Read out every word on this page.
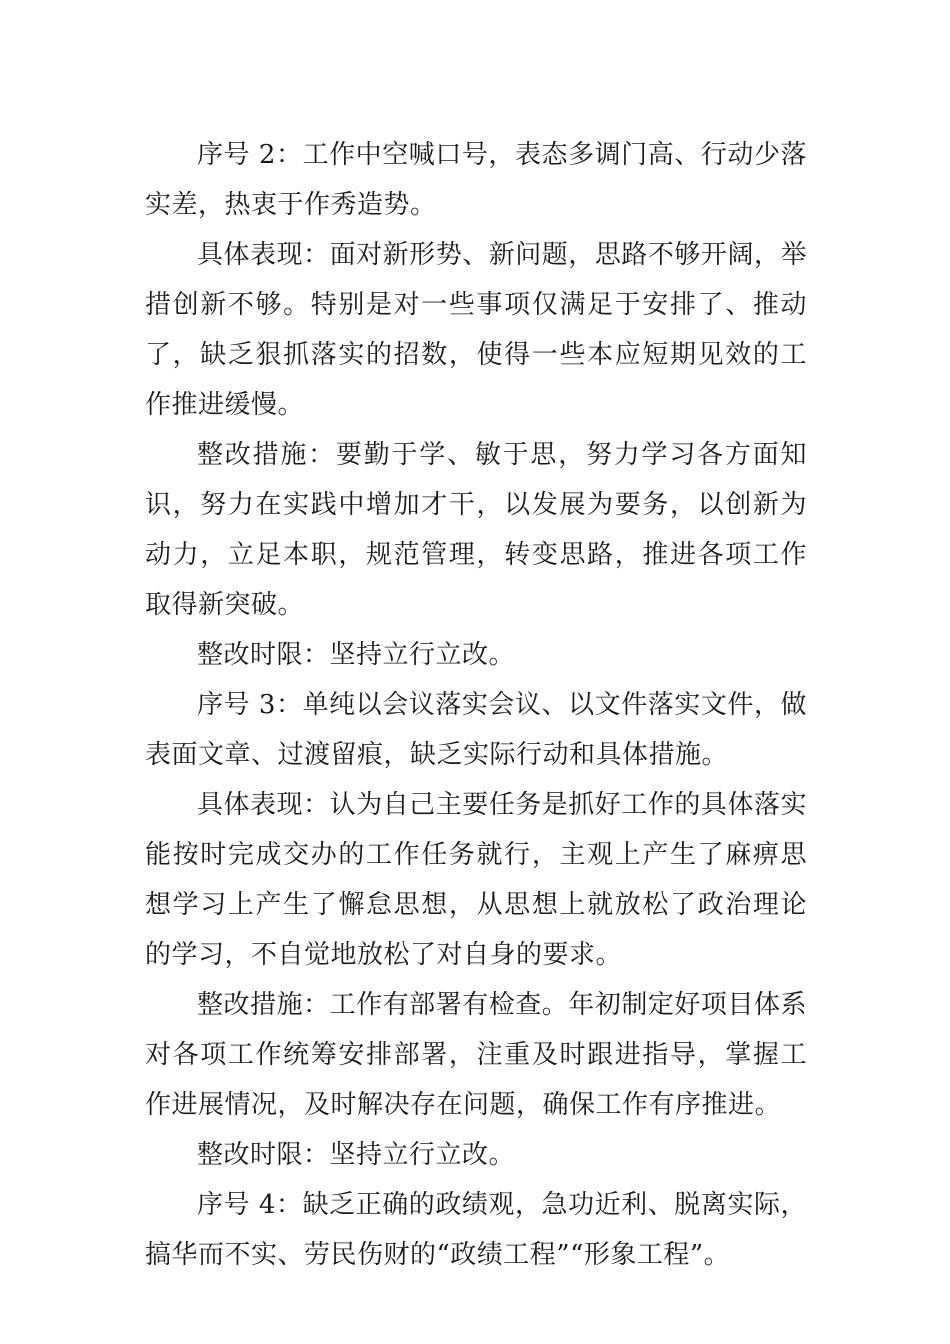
序号 2：工作中空喊口号，表态多调门高、行动少落实差，热衷于作秀造势。

具体表现：面对新形势、新问题，思路不够开阔，举措创新不够。特别是对一些事项仅满足于安排了、推动了，缺乏狠抓落实的招数，使得一些本应短期见效的工作推进缓慢。

整改措施：要勤于学、敏于思，努力学习各方面知识，努力在实践中增加才干，以发展为要务，以创新为动力，立足本职，规范管理，转变思路，推进各项工作取得新突破。

整改时限：坚持立行立改。

序号 3：单纯以会议落实会议、以文件落实文件，做表面文章、过渡留痕，缺乏实际行动和具体措施。

具体表现：认为自己主要任务是抓好工作的具体落实能按时完成交办的工作任务就行，主观上产生了麻痹思想学习上产生了懈怠思想，从思想上就放松了政治理论的学习，不自觉地放松了对自身的要求。

整改措施：工作有部署有检查。年初制定好项目体系对各项工作统筹安排部署，注重及时跟进指导，掌握工作进展情况，及时解决存在问题，确保工作有序推进。

整改时限：坚持立行立改。

序号 4：缺乏正确的政绩观，急功近利、脱离实际，搞华而不实、劳民伤财的“政绩工程”“形象工程”。
